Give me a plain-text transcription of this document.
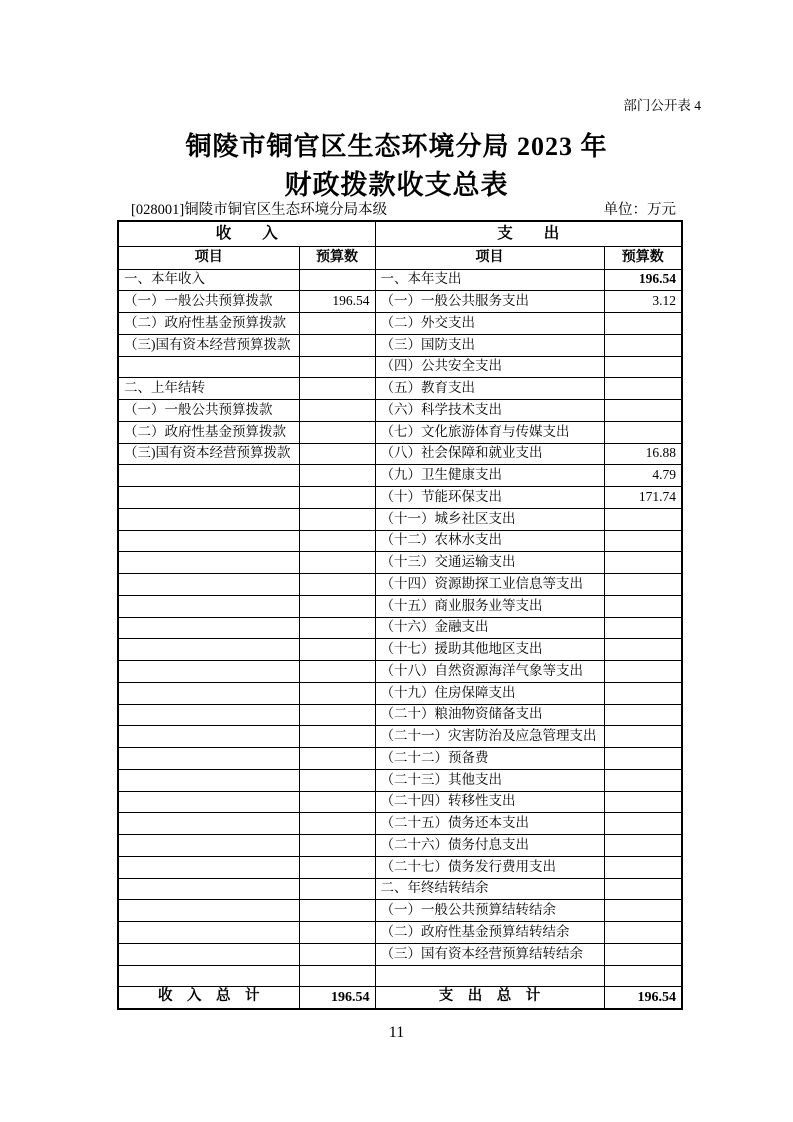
部门公开表 4
铜陵市铜官区生态环境分局 2023 年
财政拨款收支总表
[028001]铜陵市铜官区生态环境分局本级	单位：万元
收　　入		支　　出	
项目	预算数	项目	预算数
一、本年收入		一、本年支出	196.54
（一）一般公共预算拨款	196.54	（一）一般公共服务支出	3.12
（二）政府性基金预算拨款		（二）外交支出	
（三)国有资本经营预算拨款		（三）国防支出	
		（四）公共安全支出	
二、上年结转		（五）教育支出	
（一）一般公共预算拨款		（六）科学技术支出	
（二）政府性基金预算拨款		（七）文化旅游体育与传媒支出	
（三)国有资本经营预算拨款		（八）社会保障和就业支出	16.88
		（九）卫生健康支出	4.79
		（十）节能环保支出	171.74
		（十一）城乡社区支出	
		（十二）农林水支出	
		（十三）交通运输支出	
		（十四）资源勘探工业信息等支出	
		（十五）商业服务业等支出	
		（十六）金融支出	
		（十七）援助其他地区支出	
		（十八）自然资源海洋气象等支出	
		（十九）住房保障支出	
		（二十）粮油物资储备支出	
		（二十一）灾害防治及应急管理支出	
		（二十二）预备费	
		（二十三）其他支出	
		（二十四）转移性支出	
		（二十五）债务还本支出	
		（二十六）债务付息支出	
		（二十七）债务发行费用支出	
		二、年终结转结余	
		（一）一般公共预算结转结余	
		（二）政府性基金预算结转结余	
		（三）国有资本经营预算结转结余	

收　入　总　计	196.54	支　出　总　计	196.54
11
